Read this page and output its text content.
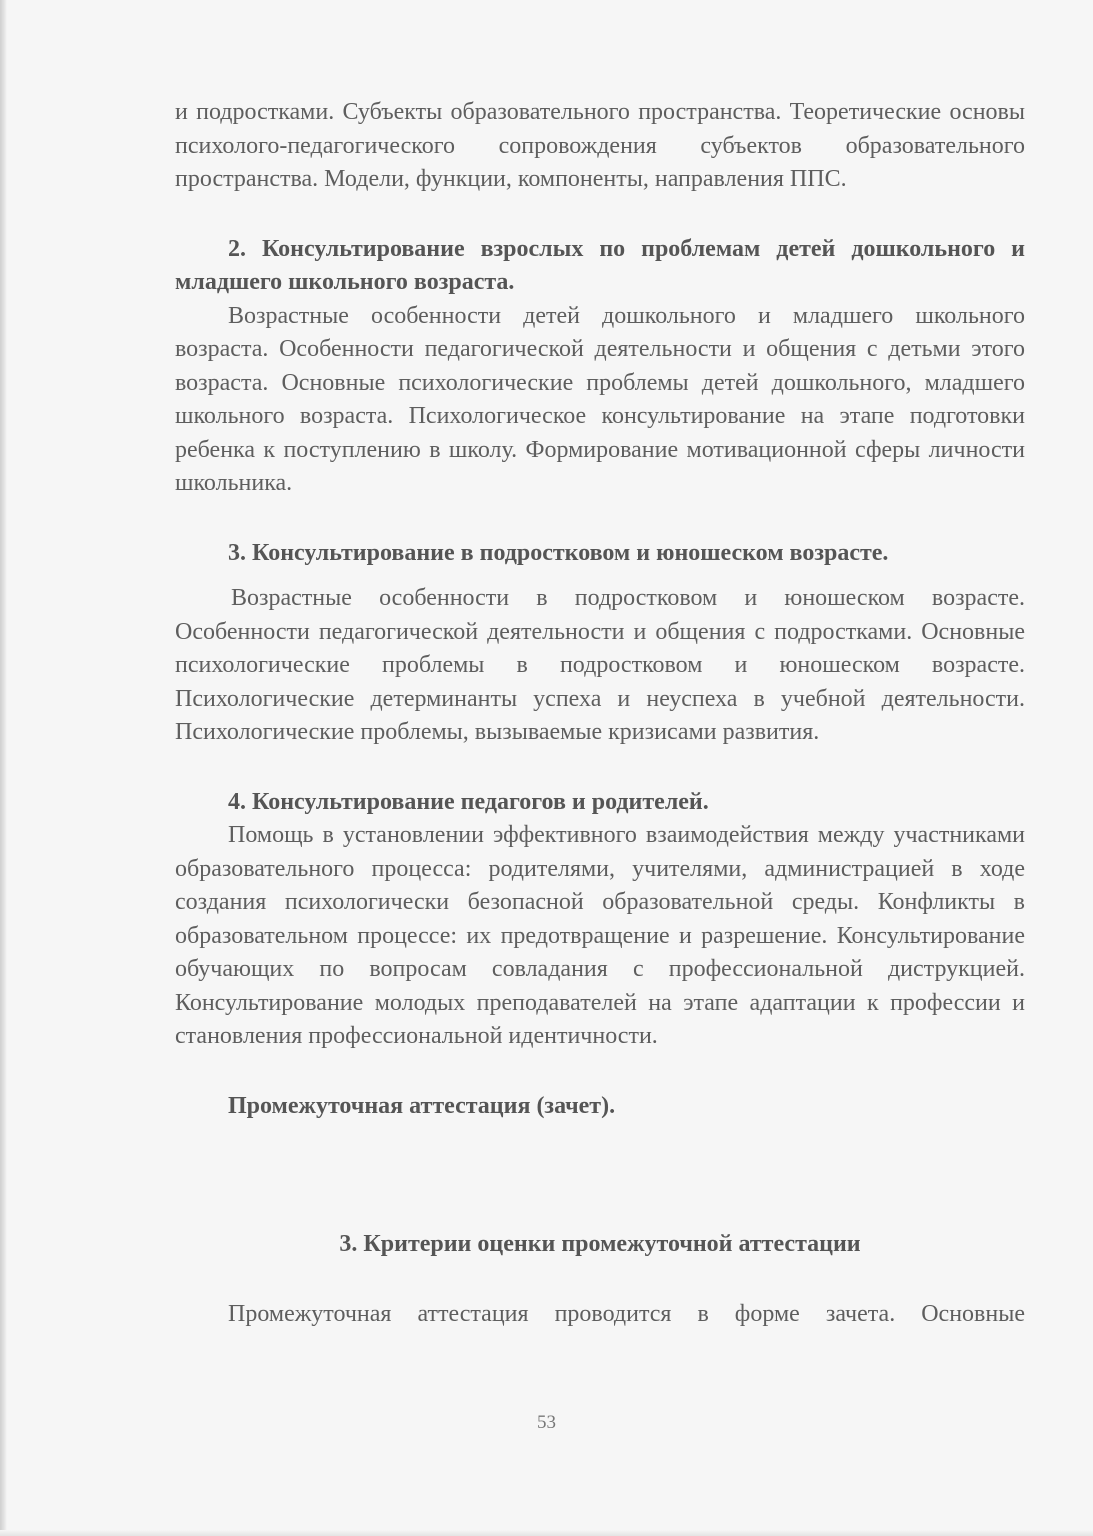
и подростками. Субъекты образовательного пространства. Теоретические основы психолого-педагогического сопровождения субъектов образовательного пространства. Модели, функции, компоненты, направления ППС.

2. Консультирование взрослых по проблемам детей дошкольного и младшего школьного возраста.

Возрастные особенности детей дошкольного и младшего школьного возраста. Особенности педагогической деятельности и общения с детьми этого возраста. Основные психологические проблемы детей дошкольного, младшего школьного возраста. Психологическое консультирование на этапе подготовки ребенка к поступлению в школу. Формирование мотивационной сферы личности школьника.

3. Консультирование в подростковом и юношеском возрасте.

Возрастные особенности в подростковом и юношеском возрасте. Особенности педагогической деятельности и общения с подростками. Основные психологические проблемы в подростковом и юношеском возрасте. Психологические детерминанты успеха и неуспеха в учебной деятельности. Психологические проблемы, вызываемые кризисами развития.

4. Консультирование педагогов и родителей.

Помощь в установлении эффективного взаимодействия между участниками образовательного процесса: родителями, учителями, администрацией в ходе создания психологически безопасной образовательной среды. Конфликты в образовательном процессе: их предотвращение и разрешение. Консультирование обучающих по вопросам совладания с профессиональной диструкцией. Консультирование молодых преподавателей на этапе адаптации к профессии и становления профессиональной идентичности.

Промежуточная аттестация (зачет).

3. Критерии оценки промежуточной аттестации

Промежуточная аттестация проводится в форме зачета. Основные

53
